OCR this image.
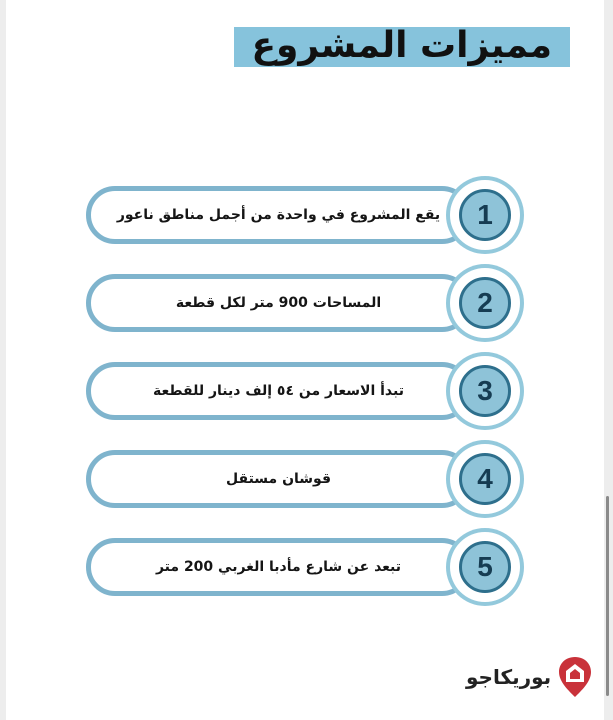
مميزات المشروع
يقع المشروع في واحدة من أجمل مناطق ناعور	1
المساحات 900 متر لكل قطعة	2
تبدأ الاسعار من ٥٤ إلف دينار للقطعة	3
قوشان مستقل	4
تبعد عن شارع مأدبا الغربي 200 متر	5
بوريكاجو
